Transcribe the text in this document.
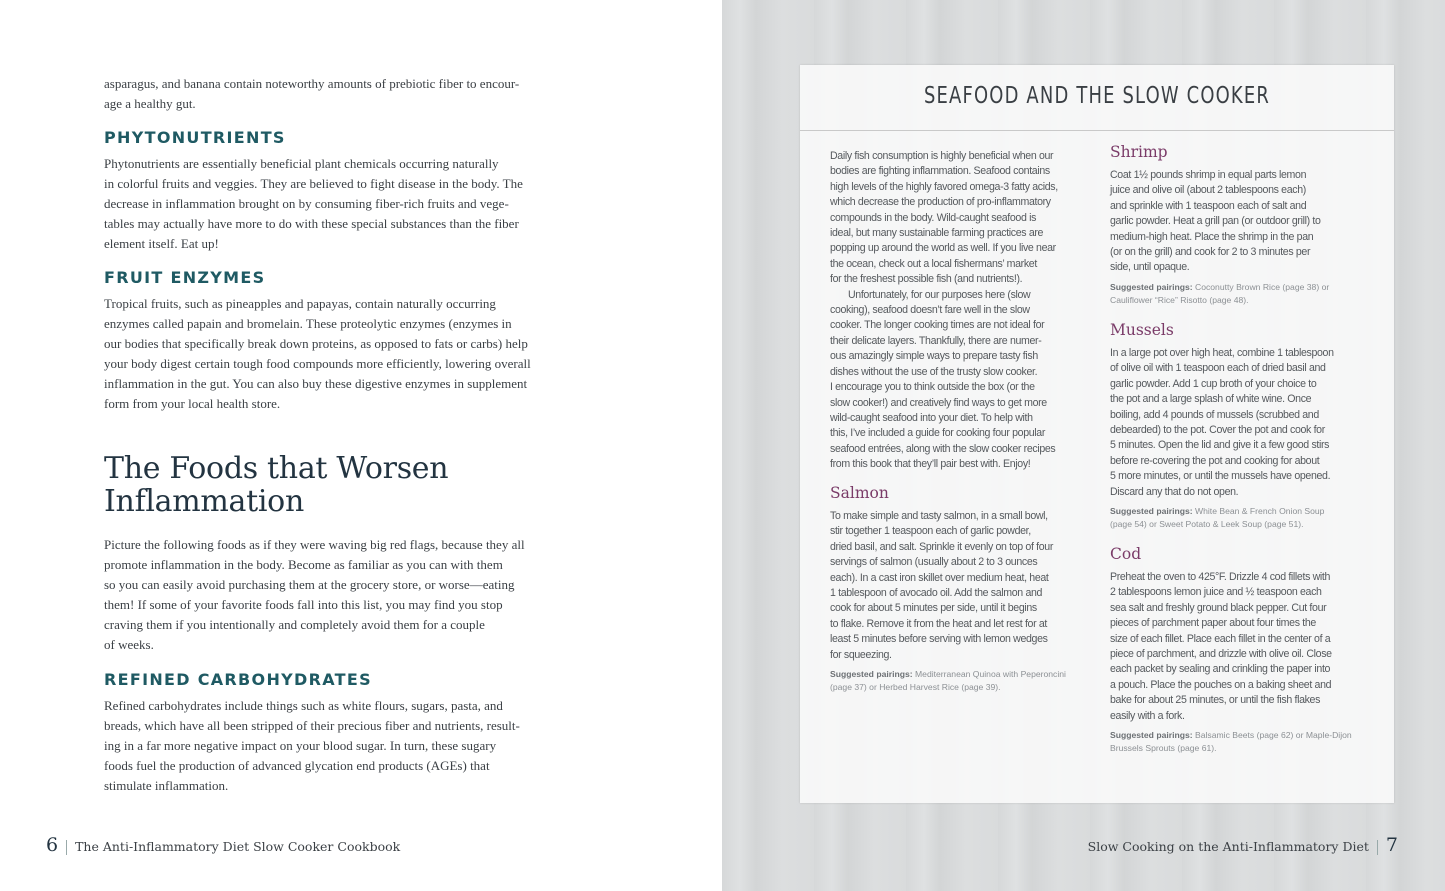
asparagus, and banana contain noteworthy amounts of prebiotic fiber to encour-
age a healthy gut.
PHYTONUTRIENTS
Phytonutrients are essentially beneficial plant chemicals occurring naturally
in colorful fruits and veggies. They are believed to fight disease in the body. The
decrease in inflammation brought on by consuming fiber-rich fruits and vege-
tables may actually have more to do with these special substances than the fiber
element itself. Eat up!
FRUIT ENZYMES
Tropical fruits, such as pineapples and papayas, contain naturally occurring
enzymes called papain and bromelain. These proteolytic enzymes (enzymes in
our bodies that specifically break down proteins, as opposed to fats or carbs) help
your body digest certain tough food compounds more efficiently, lowering overall
inflammation in the gut. You can also buy these digestive enzymes in supplement
form from your local health store.
The Foods that Worsen
Inflammation
Picture the following foods as if they were waving big red flags, because they all
promote inflammation in the body. Become as familiar as you can with them
so you can easily avoid purchasing them at the grocery store, or worse—eating
them! If some of your favorite foods fall into this list, you may find you stop
craving them if you intentionally and completely avoid them for a couple
of weeks.
REFINED CARBOHYDRATES
Refined carbohydrates include things such as white flours, sugars, pasta, and
breads, which have all been stripped of their precious fiber and nutrients, result-
ing in a far more negative impact on your blood sugar. In turn, these sugary
foods fuel the production of advanced glycation end products (AGEs) that
stimulate inflammation.
6 The Anti-Inflammatory Diet Slow Cooker Cookbook	Slow Cooking on the Anti-Inflammatory Diet 7
SEAFOOD AND THE SLOW COOKER
Daily fish consumption is highly beneficial when our
bodies are fighting inflammation. Seafood contains
high levels of the highly favored omega-3 fatty acids,
which decrease the production of pro-inflammatory
compounds in the body. Wild-caught seafood is
ideal, but many sustainable farming practices are
popping up around the world as well. If you live near
the ocean, check out a local fishermans’ market
for the freshest possible fish (and nutrients!).
Unfortunately, for our purposes here (slow
cooking), seafood doesn’t fare well in the slow
cooker. The longer cooking times are not ideal for
their delicate layers. Thankfully, there are numer-
ous amazingly simple ways to prepare tasty fish
dishes without the use of the trusty slow cooker.
I encourage you to think outside the box (or the
slow cooker!) and creatively find ways to get more
wild-caught seafood into your diet. To help with
this, I’ve included a guide for cooking four popular
seafood entrées, along with the slow cooker recipes
from this book that they’ll pair best with. Enjoy!
Salmon
To make simple and tasty salmon, in a small bowl,
stir together 1 teaspoon each of garlic powder,
dried basil, and salt. Sprinkle it evenly on top of four
servings of salmon (usually about 2 to 3 ounces
each). In a cast iron skillet over medium heat, heat
1 tablespoon of avocado oil. Add the salmon and
cook for about 5 minutes per side, until it begins
to flake. Remove it from the heat and let rest for at
least 5 minutes before serving with lemon wedges
for squeezing.
Suggested pairings: Mediterranean Quinoa with Peperoncini
(page 37) or Herbed Harvest Rice (page 39).
Shrimp
Coat 1½ pounds shrimp in equal parts lemon
juice and olive oil (about 2 tablespoons each)
and sprinkle with 1 teaspoon each of salt and
garlic powder. Heat a grill pan (or outdoor grill) to
medium-high heat. Place the shrimp in the pan
(or on the grill) and cook for 2 to 3 minutes per
side, until opaque.
Suggested pairings: Coconutty Brown Rice (page 38) or
Cauliflower “Rice” Risotto (page 48).
Mussels
In a large pot over high heat, combine 1 tablespoon
of olive oil with 1 teaspoon each of dried basil and
garlic powder. Add 1 cup broth of your choice to
the pot and a large splash of white wine. Once
boiling, add 4 pounds of mussels (scrubbed and
debearded) to the pot. Cover the pot and cook for
5 minutes. Open the lid and give it a few good stirs
before re-covering the pot and cooking for about
5 more minutes, or until the mussels have opened.
Discard any that do not open.
Suggested pairings: White Bean & French Onion Soup
(page 54) or Sweet Potato & Leek Soup (page 51).
Cod
Preheat the oven to 425°F. Drizzle 4 cod fillets with
2 tablespoons lemon juice and ½ teaspoon each
sea salt and freshly ground black pepper. Cut four
pieces of parchment paper about four times the
size of each fillet. Place each fillet in the center of a
piece of parchment, and drizzle with olive oil. Close
each packet by sealing and crinkling the paper into
a pouch. Place the pouches on a baking sheet and
bake for about 25 minutes, or until the fish flakes
easily with a fork.
Suggested pairings: Balsamic Beets (page 62) or Maple-Dijon
Brussels Sprouts (page 61).
